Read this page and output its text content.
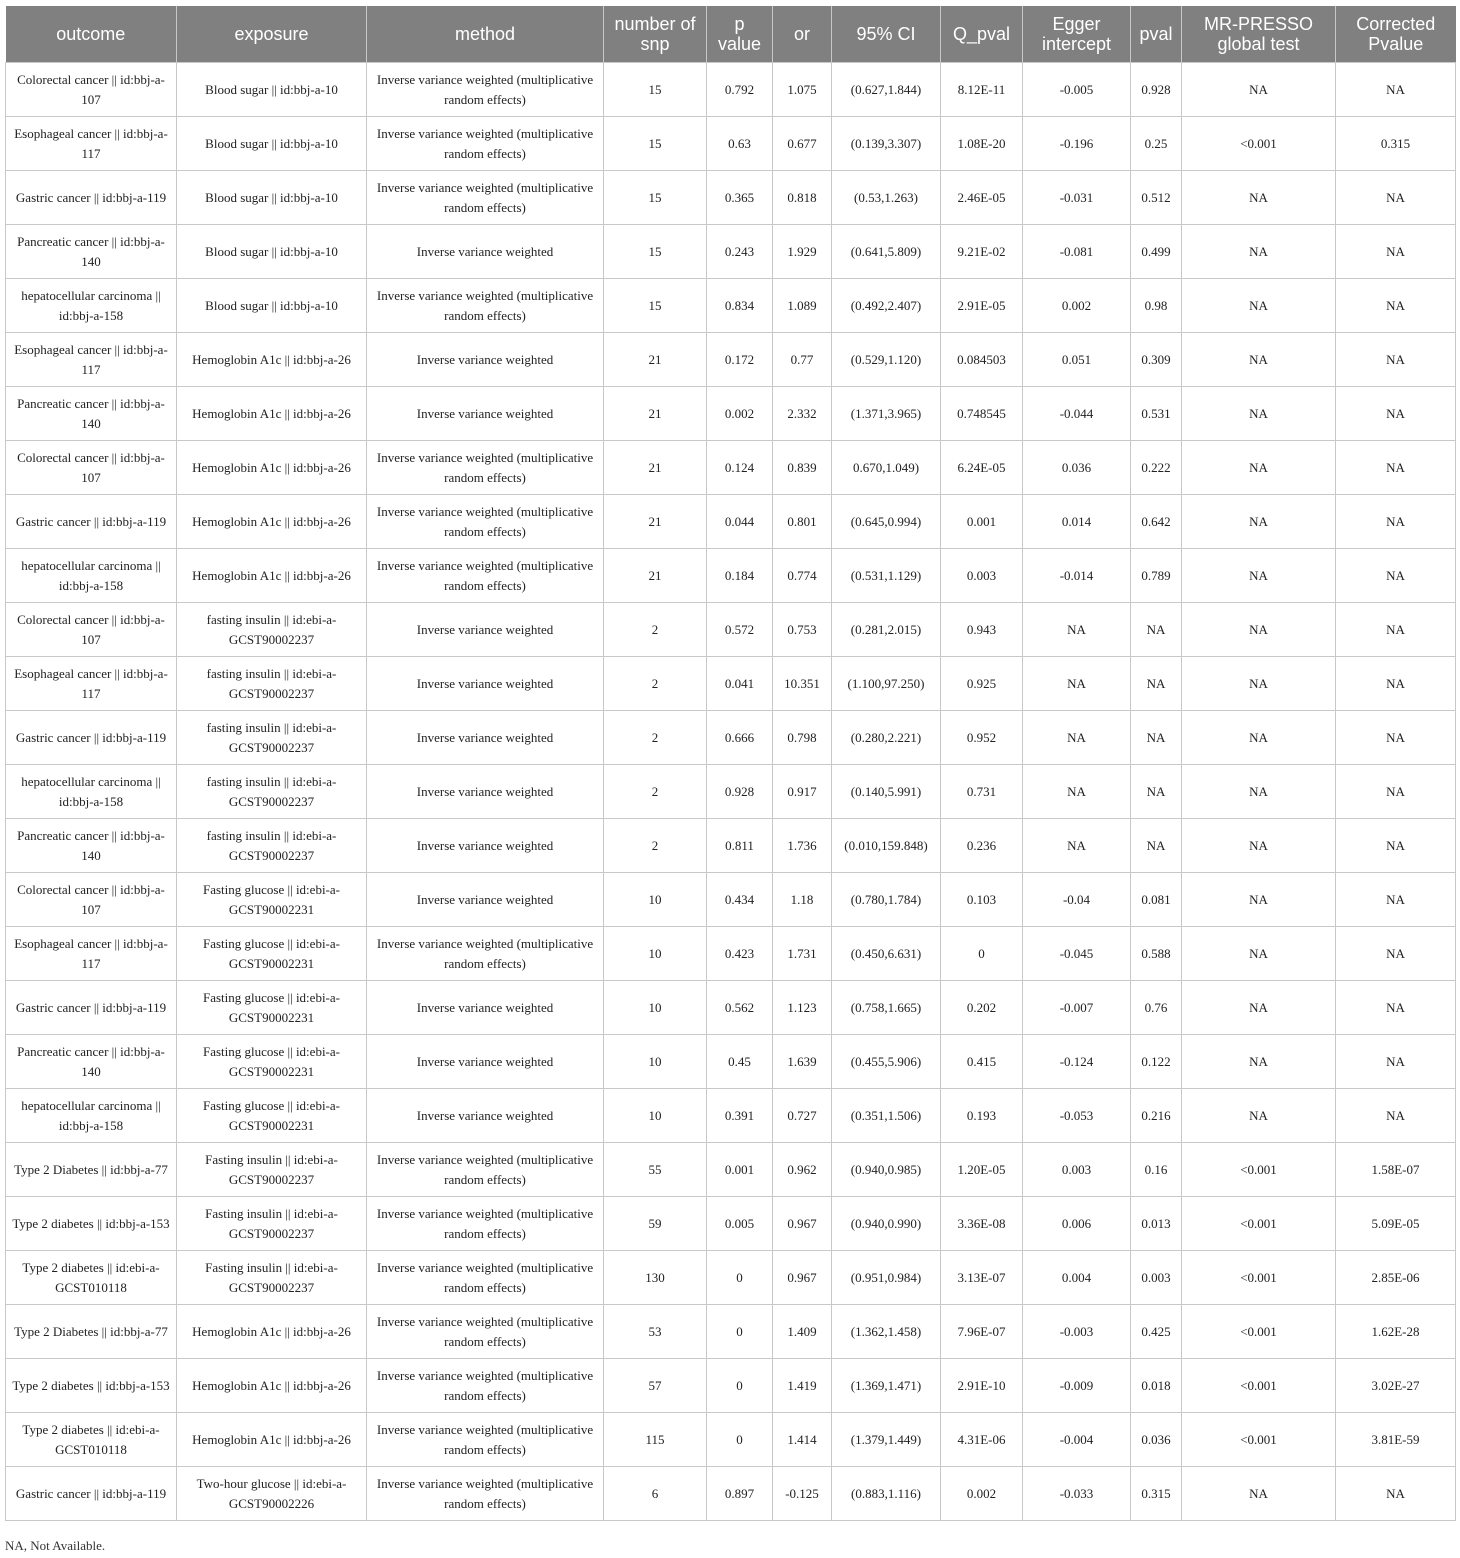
outcome	exposure	method	number of snp	p value	or	95% CI	Q_pval	Egger intercept	pval	MR-PRESSO global test	Corrected Pvalue
Colorectal cancer || id:bbj-a-107	Blood sugar || id:bbj-a-10	Inverse variance weighted (multiplicative random effects)	15	0.792	1.075	(0.627,1.844)	8.12E-11	-0.005	0.928	NA	NA
Esophageal cancer || id:bbj-a-117	Blood sugar || id:bbj-a-10	Inverse variance weighted (multiplicative random effects)	15	0.63	0.677	(0.139,3.307)	1.08E-20	-0.196	0.25	<0.001	0.315
Gastric cancer || id:bbj-a-119	Blood sugar || id:bbj-a-10	Inverse variance weighted (multiplicative random effects)	15	0.365	0.818	(0.53,1.263)	2.46E-05	-0.031	0.512	NA	NA
Pancreatic cancer || id:bbj-a-140	Blood sugar || id:bbj-a-10	Inverse variance weighted	15	0.243	1.929	(0.641,5.809)	9.21E-02	-0.081	0.499	NA	NA
hepatocellular carcinoma || id:bbj-a-158	Blood sugar || id:bbj-a-10	Inverse variance weighted (multiplicative random effects)	15	0.834	1.089	(0.492,2.407)	2.91E-05	0.002	0.98	NA	NA
Esophageal cancer || id:bbj-a-117	Hemoglobin A1c || id:bbj-a-26	Inverse variance weighted	21	0.172	0.77	(0.529,1.120)	0.084503	0.051	0.309	NA	NA
Pancreatic cancer || id:bbj-a-140	Hemoglobin A1c || id:bbj-a-26	Inverse variance weighted	21	0.002	2.332	(1.371,3.965)	0.748545	-0.044	0.531	NA	NA
Colorectal cancer || id:bbj-a-107	Hemoglobin A1c || id:bbj-a-26	Inverse variance weighted (multiplicative random effects)	21	0.124	0.839	0.670,1.049)	6.24E-05	0.036	0.222	NA	NA
Gastric cancer || id:bbj-a-119	Hemoglobin A1c || id:bbj-a-26	Inverse variance weighted (multiplicative random effects)	21	0.044	0.801	(0.645,0.994)	0.001	0.014	0.642	NA	NA
hepatocellular carcinoma || id:bbj-a-158	Hemoglobin A1c || id:bbj-a-26	Inverse variance weighted (multiplicative random effects)	21	0.184	0.774	(0.531,1.129)	0.003	-0.014	0.789	NA	NA
Colorectal cancer || id:bbj-a-107	fasting insulin || id:ebi-a-GCST90002237	Inverse variance weighted	2	0.572	0.753	(0.281,2.015)	0.943	NA	NA	NA	NA
Esophageal cancer || id:bbj-a-117	fasting insulin || id:ebi-a-GCST90002237	Inverse variance weighted	2	0.041	10.351	(1.100,97.250)	0.925	NA	NA	NA	NA
Gastric cancer || id:bbj-a-119	fasting insulin || id:ebi-a-GCST90002237	Inverse variance weighted	2	0.666	0.798	(0.280,2.221)	0.952	NA	NA	NA	NA
hepatocellular carcinoma || id:bbj-a-158	fasting insulin || id:ebi-a-GCST90002237	Inverse variance weighted	2	0.928	0.917	(0.140,5.991)	0.731	NA	NA	NA	NA
Pancreatic cancer || id:bbj-a-140	fasting insulin || id:ebi-a-GCST90002237	Inverse variance weighted	2	0.811	1.736	(0.010,159.848)	0.236	NA	NA	NA	NA
Colorectal cancer || id:bbj-a-107	Fasting glucose || id:ebi-a-GCST90002231	Inverse variance weighted	10	0.434	1.18	(0.780,1.784)	0.103	-0.04	0.081	NA	NA
Esophageal cancer || id:bbj-a-117	Fasting glucose || id:ebi-a-GCST90002231	Inverse variance weighted (multiplicative random effects)	10	0.423	1.731	(0.450,6.631)	0	-0.045	0.588	NA	NA
Gastric cancer || id:bbj-a-119	Fasting glucose || id:ebi-a-GCST90002231	Inverse variance weighted	10	0.562	1.123	(0.758,1.665)	0.202	-0.007	0.76	NA	NA
Pancreatic cancer || id:bbj-a-140	Fasting glucose || id:ebi-a-GCST90002231	Inverse variance weighted	10	0.45	1.639	(0.455,5.906)	0.415	-0.124	0.122	NA	NA
hepatocellular carcinoma || id:bbj-a-158	Fasting glucose || id:ebi-a-GCST90002231	Inverse variance weighted	10	0.391	0.727	(0.351,1.506)	0.193	-0.053	0.216	NA	NA
Type 2 Diabetes || id:bbj-a-77	Fasting insulin || id:ebi-a-GCST90002237	Inverse variance weighted (multiplicative random effects)	55	0.001	0.962	(0.940,0.985)	1.20E-05	0.003	0.16	<0.001	1.58E-07
Type 2 diabetes || id:bbj-a-153	Fasting insulin || id:ebi-a-GCST90002237	Inverse variance weighted (multiplicative random effects)	59	0.005	0.967	(0.940,0.990)	3.36E-08	0.006	0.013	<0.001	5.09E-05
Type 2 diabetes || id:ebi-a-GCST010118	Fasting insulin || id:ebi-a-GCST90002237	Inverse variance weighted (multiplicative random effects)	130	0	0.967	(0.951,0.984)	3.13E-07	0.004	0.003	<0.001	2.85E-06
Type 2 Diabetes || id:bbj-a-77	Hemoglobin A1c || id:bbj-a-26	Inverse variance weighted (multiplicative random effects)	53	0	1.409	(1.362,1.458)	7.96E-07	-0.003	0.425	<0.001	1.62E-28
Type 2 diabetes || id:bbj-a-153	Hemoglobin A1c || id:bbj-a-26	Inverse variance weighted (multiplicative random effects)	57	0	1.419	(1.369,1.471)	2.91E-10	-0.009	0.018	<0.001	3.02E-27
Type 2 diabetes || id:ebi-a-GCST010118	Hemoglobin A1c || id:bbj-a-26	Inverse variance weighted (multiplicative random effects)	115	0	1.414	(1.379,1.449)	4.31E-06	-0.004	0.036	<0.001	3.81E-59
Gastric cancer || id:bbj-a-119	Two-hour glucose || id:ebi-a-GCST90002226	Inverse variance weighted (multiplicative random effects)	6	0.897	-0.125	(0.883,1.116)	0.002	-0.033	0.315	NA	NA
NA, Not Available.
